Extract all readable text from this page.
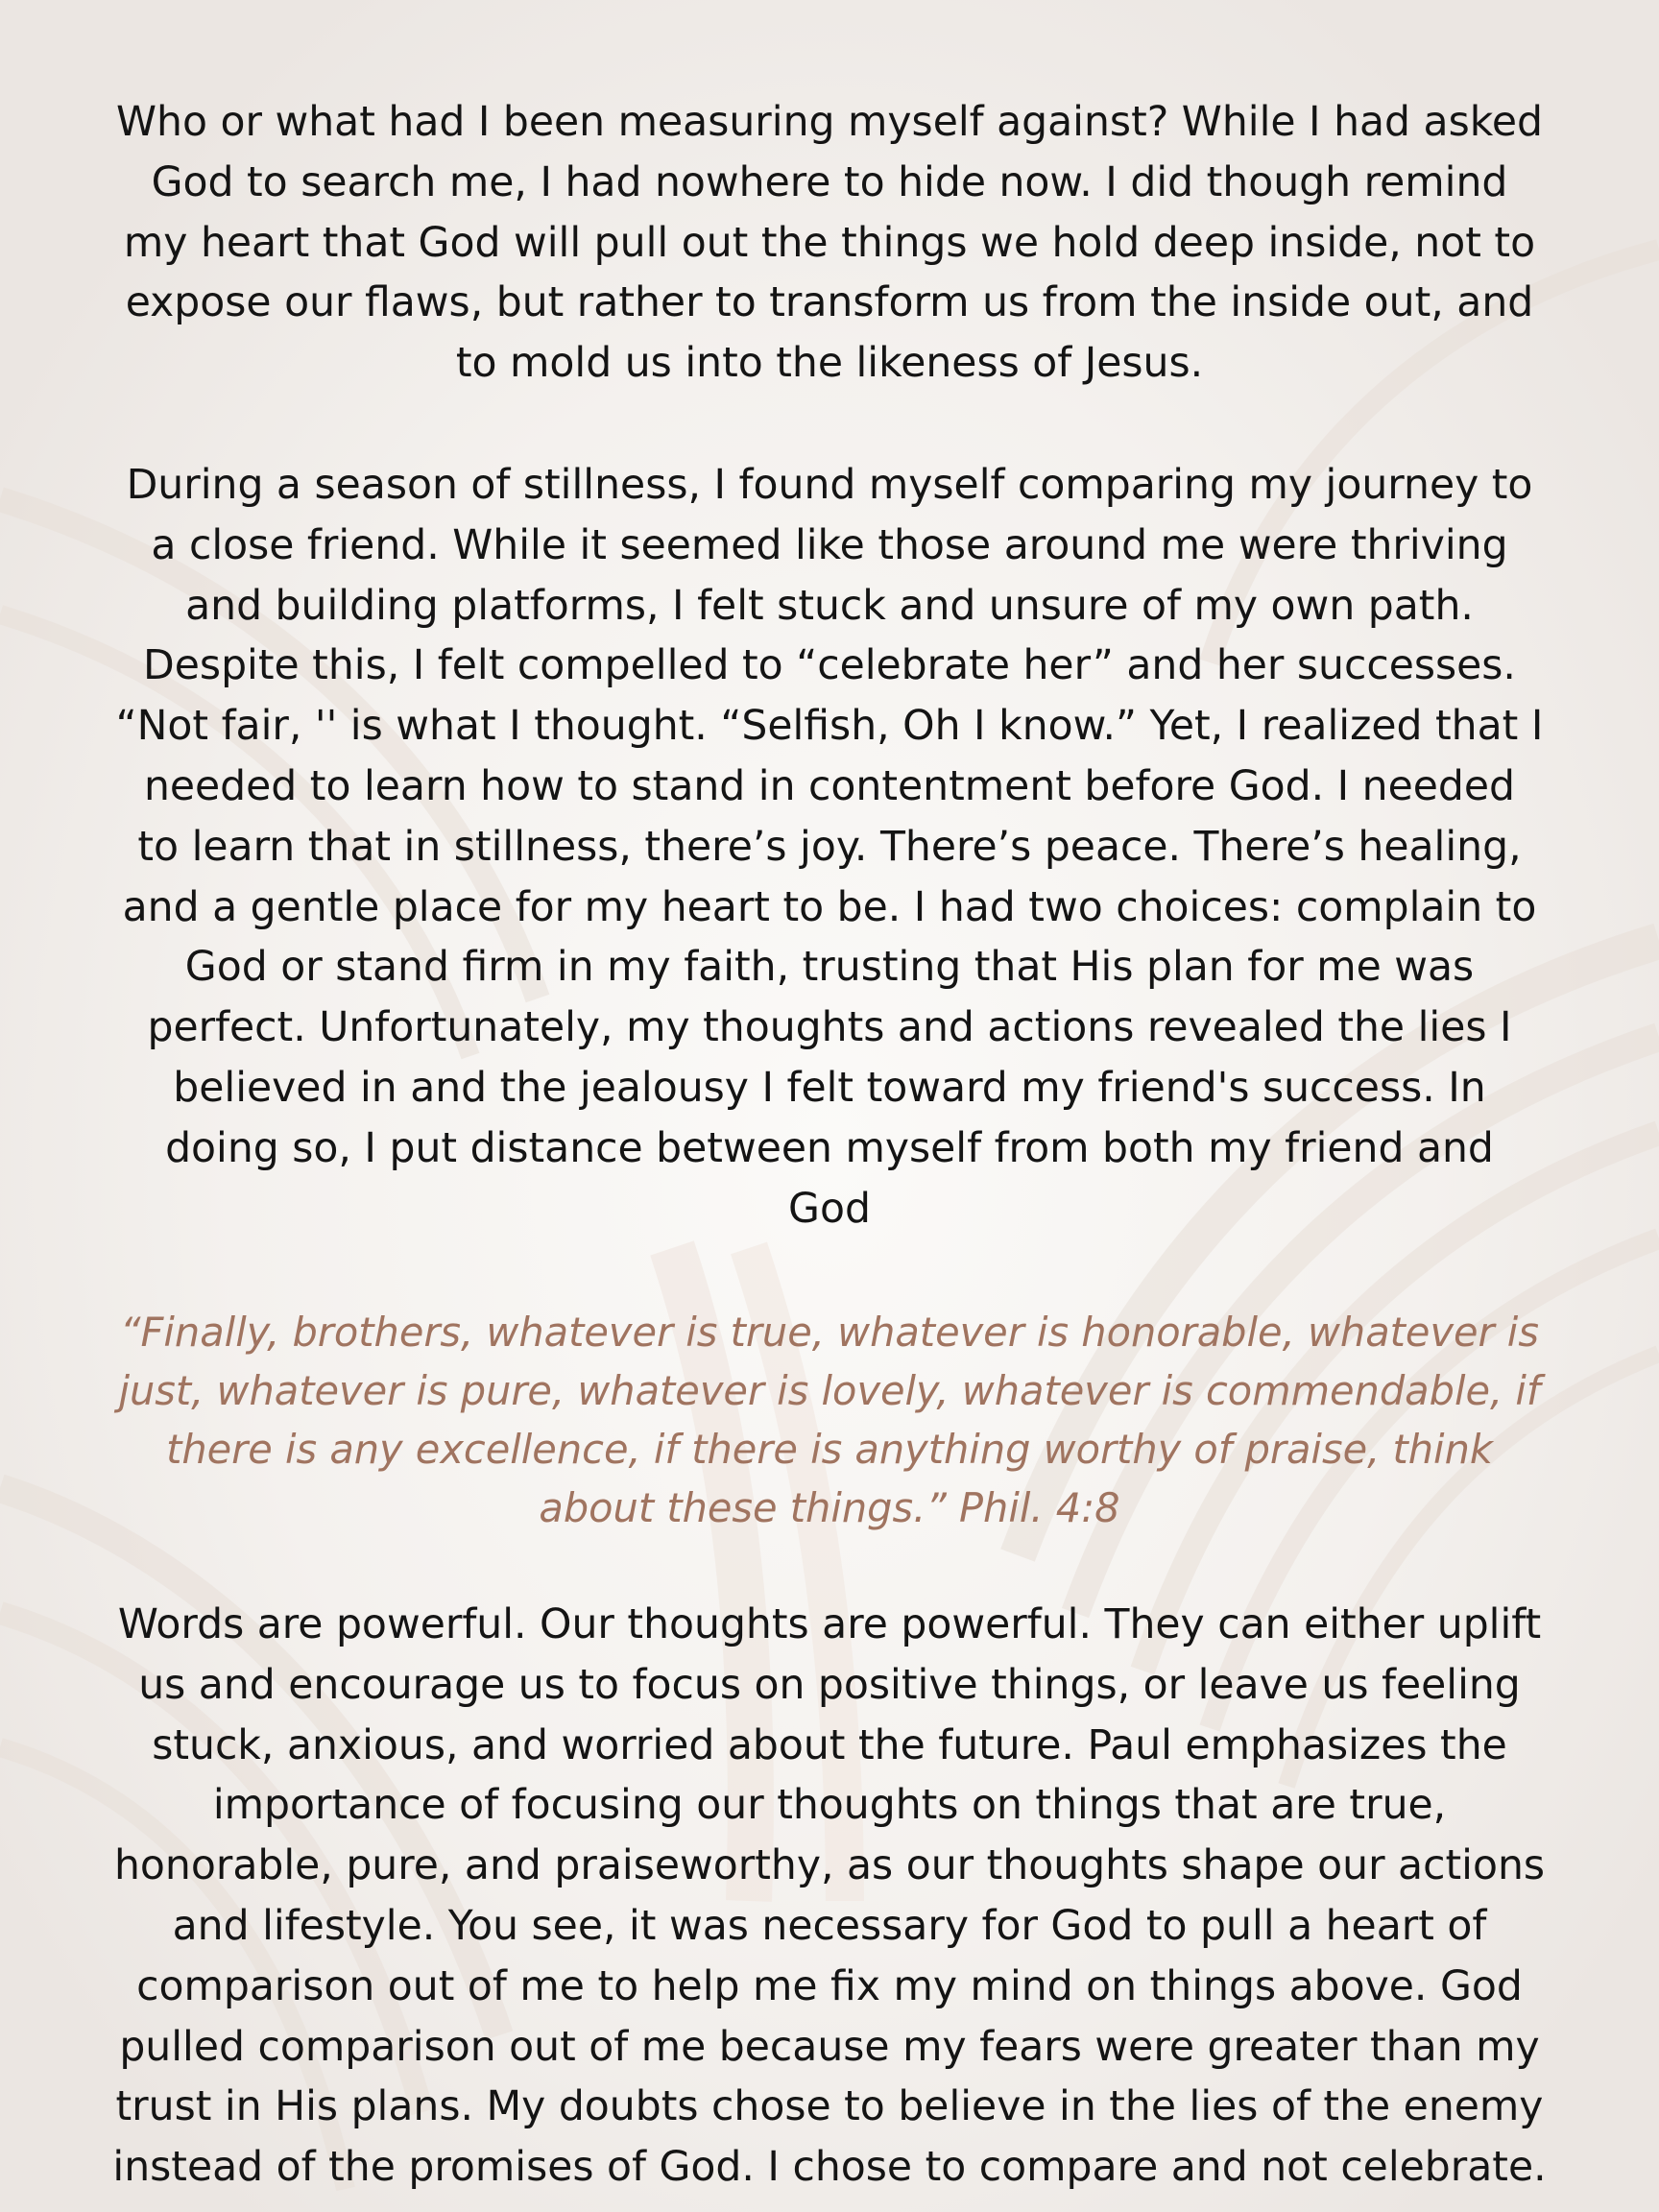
Who or what had I been measuring myself against? While I had asked
God to search me, I had nowhere to hide now. I did though remind
my heart that God will pull out the things we hold deep inside, not to
expose our flaws, but rather to transform us from the inside out, and
to mold us into the likeness of Jesus.

During a season of stillness, I found myself comparing my journey to
a close friend. While it seemed like those around me were thriving
and building platforms, I felt stuck and unsure of my own path.
Despite this, I felt compelled to “celebrate her” and her successes.
“Not fair, '' is what I thought. “Selfish, Oh I know.” Yet, I realized that I
needed to learn how to stand in contentment before God. I needed
to learn that in stillness, there’s joy. There’s peace. There’s healing,
and a gentle place for my heart to be. I had two choices: complain to
God or stand firm in my faith, trusting that His plan for me was
perfect. Unfortunately, my thoughts and actions revealed the lies I
believed in and the jealousy I felt toward my friend's success. In
doing so, I put distance between myself from both my friend and
God

“Finally, brothers, whatever is true, whatever is honorable, whatever is
just, whatever is pure, whatever is lovely, whatever is commendable, if
there is any excellence, if there is anything worthy of praise, think
about these things.” Phil. 4:8

Words are powerful. Our thoughts are powerful. They can either uplift
us and encourage us to focus on positive things, or leave us feeling
stuck, anxious, and worried about the future. Paul emphasizes the
importance of focusing our thoughts on things that are true,
honorable, pure, and praiseworthy, as our thoughts shape our actions
and lifestyle. You see, it was necessary for God to pull a heart of
comparison out of me to help me fix my mind on things above. God
pulled comparison out of me because my fears were greater than my
trust in His plans. My doubts chose to believe in the lies of the enemy
instead of the promises of God. I chose to compare and not celebrate.
